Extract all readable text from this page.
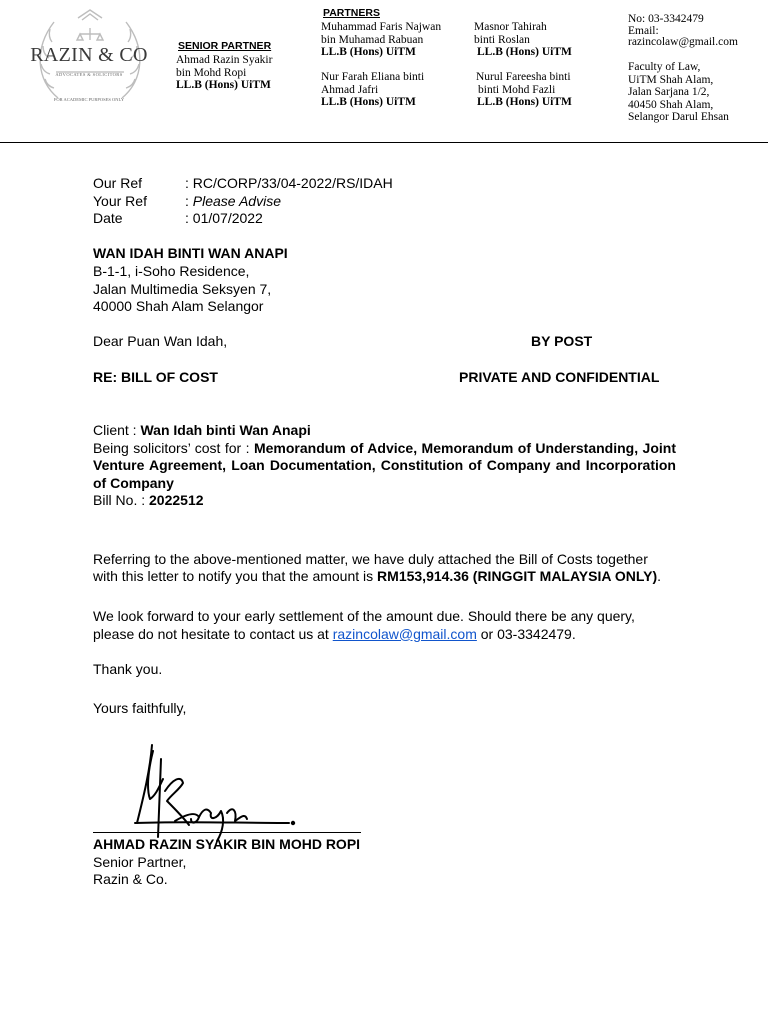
RAZIN & CO
ADVOCATES & SOLICITORS
FOR ACADEMIC PURPOSES ONLY
SENIOR PARTNER
Ahmad Razin Syakir
bin Mohd Ropi
LL.B (Hons) UiTM
PARTNERS
Muhammad Faris Najwan
bin Muhamad Rabuan
LL.B (Hons) UiTM
Masnor Tahirah
binti Roslan
LL.B (Hons) UiTM
Nur Farah Eliana binti
Ahmad Jafri
LL.B (Hons) UiTM
Nurul Fareesha binti
binti Mohd Fazli
LL.B (Hons) UiTM
No: 03-3342479
Email:
razincolaw@gmail.com
Faculty of Law,
UiTM Shah Alam,
Jalan Sarjana 1/2,
40450 Shah Alam,
Selangor Darul Ehsan
Our Ref	: RC/CORP/33/04-2022/RS/IDAH
Your Ref	: Please Advise
Date	: 01/07/2022
WAN IDAH BINTI WAN ANAPI
B-1-1, i-Soho Residence,
Jalan Multimedia Seksyen 7,
40000 Shah Alam Selangor
Dear Puan Wan Idah,	BY POST
RE: BILL OF COST	PRIVATE AND CONFIDENTIAL
Client : Wan Idah binti Wan Anapi
Being solicitors’ cost for : Memorandum of Advice, Memorandum of Understanding, Joint Venture Agreement, Loan Documentation, Constitution of Company and Incorporation of Company
Bill No. : 2022512
Referring to the above-mentioned matter, we have duly attached the Bill of Costs together
with this letter to notify you that the amount is RM153,914.36 (RINGGIT MALAYSIA ONLY).
We look forward to your early settlement of the amount due. Should there be any query,
please do not hesitate to contact us at razincolaw@gmail.com or 03-3342479.
Thank you.
Yours faithfully,
AHMAD RAZIN SYAKIR BIN MOHD ROPI
Senior Partner,
Razin & Co.
